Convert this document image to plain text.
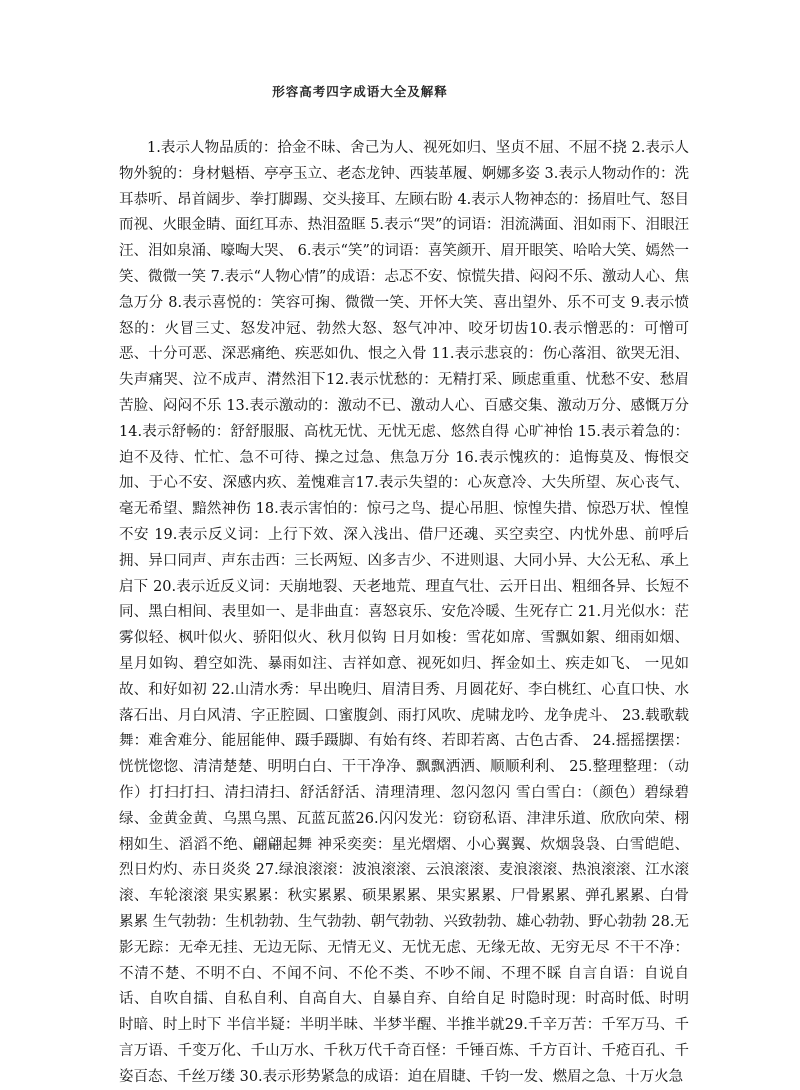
形容高考四字成语大全及解释

1.表示人物品质的：拾金不昧、舍己为人、视死如归、坚贞不屈、不屈不挠 2.表示人物外貌的：身材魁梧、亭亭玉立、老态龙钟、西装革履、婀娜多姿 3.表示人物动作的：洗耳恭听、昂首阔步、拳打脚踢、交头接耳、左顾右盼 4.表示人物神态的：扬眉吐气、怒目而视、火眼金睛、面红耳赤、热泪盈眶 5.表示“哭”的词语：泪流满面、泪如雨下、泪眼汪汪、泪如泉涌、嚎啕大哭、 6.表示“笑”的词语：喜笑颜开、眉开眼笑、哈哈大笑、嫣然一笑、微微一笑 7.表示“人物心情”的成语：忐忑不安、惊慌失措、闷闷不乐、激动人心、焦急万分 8.表示喜悦的：笑容可掬、微微一笑、开怀大笑、喜出望外、乐不可支 9.表示愤怒的：火冒三丈、怒发冲冠、勃然大怒、怒气冲冲、咬牙切齿10.表示憎恶的：可憎可恶、十分可恶、深恶痛绝、疾恶如仇、恨之入骨 11.表示悲哀的：伤心落泪、欲哭无泪、失声痛哭、泣不成声、潸然泪下12.表示忧愁的：无精打采、顾虑重重、忧愁不安、愁眉苦脸、闷闷不乐 13.表示激动的：激动不已、激动人心、百感交集、激动万分、感慨万分 14.表示舒畅的：舒舒服服、高枕无忧、无忧无虑、悠然自得 心旷神怡 15.表示着急的：迫不及待、忙忙、急不可待、操之过急、焦急万分 16.表示愧疚的：追悔莫及、悔恨交加、于心不安、深感内疚、羞愧难言17.表示失望的：心灰意冷、大失所望、灰心丧气、毫无希望、黯然神伤 18.表示害怕的：惊弓之鸟、提心吊胆、惊惶失措、惊恐万状、惶惶不安 19.表示反义词：上行下效、深入浅出、借尸还魂、买空卖空、内忧外患、前呼后拥、异口同声、声东击西：三长两短、凶多吉少、不进则退、大同小异、大公无私、承上启下 20.表示近反义词：天崩地裂、天老地荒、理直气壮、云开日出、粗细各异、长短不同、黑白相间、表里如一、是非曲直：喜怒哀乐、安危冷暖、生死存亡 21.月光似水：茫雾似轻、枫叶似火、骄阳似火、秋月似钩 日月如梭：雪花如席、雪飘如絮、细雨如烟、星月如钩、碧空如洗、暴雨如注、吉祥如意、视死如归、挥金如土、疾走如飞、 一见如故、和好如初 22.山清水秀：早出晚归、眉清目秀、月圆花好、李白桃红、心直口快、水落石出、月白风清、字正腔圆、口蜜腹剑、雨打风吹、虎啸龙吟、龙争虎斗、 23.载歌载舞：难舍难分、能屈能伸、蹑手蹑脚、有始有终、若即若离、古色古香、 24.摇摇摆摆：恍恍惚惚、清清楚楚、明明白白、干干净净、飘飘洒洒、顺顺利利、 25.整理整理：（动作）打扫打扫、清扫清扫、舒活舒活、清理清理、忽闪忽闪 雪白雪白：（颜色）碧绿碧绿、金黄金黄、乌黑乌黑、瓦蓝瓦蓝26.闪闪发光：窃窃私语、津津乐道、欣欣向荣、栩栩如生、滔滔不绝、翩翩起舞 神采奕奕：星光熠熠、小心翼翼、炊烟袅袅、白雪皑皑、烈日灼灼、赤日炎炎 27.绿浪滚滚：波浪滚滚、云浪滚滚、麦浪滚滚、热浪滚滚、江水滚滚、车轮滚滚 果实累累：秋实累累、硕果累累、果实累累、尸骨累累、弹孔累累、白骨累累 生气勃勃：生机勃勃、生气勃勃、朝气勃勃、兴致勃勃、雄心勃勃、野心勃勃 28.无影无踪：无牵无挂、无边无际、无情无义、无忧无虑、无缘无故、无穷无尽 不干不净：不清不楚、不明不白、不闻不问、不伦不类、不吵不闹、不理不睬 自言自语：自说自话、自吹自擂、自私自利、自高自大、自暴自弃、自给自足 时隐时现：时高时低、时明时暗、时上时下 半信半疑：半明半昧、半梦半醒、半推半就29.千辛万苦：千军万马、千言万语、千变万化、千山万水、千秋万代千奇百怪：千锤百炼、千方百计、千疮百孔、千姿百态、千丝万缕 30.表示形势紧急的成语：迫在眉睫、千钧一发、燃眉之急、十万火急
